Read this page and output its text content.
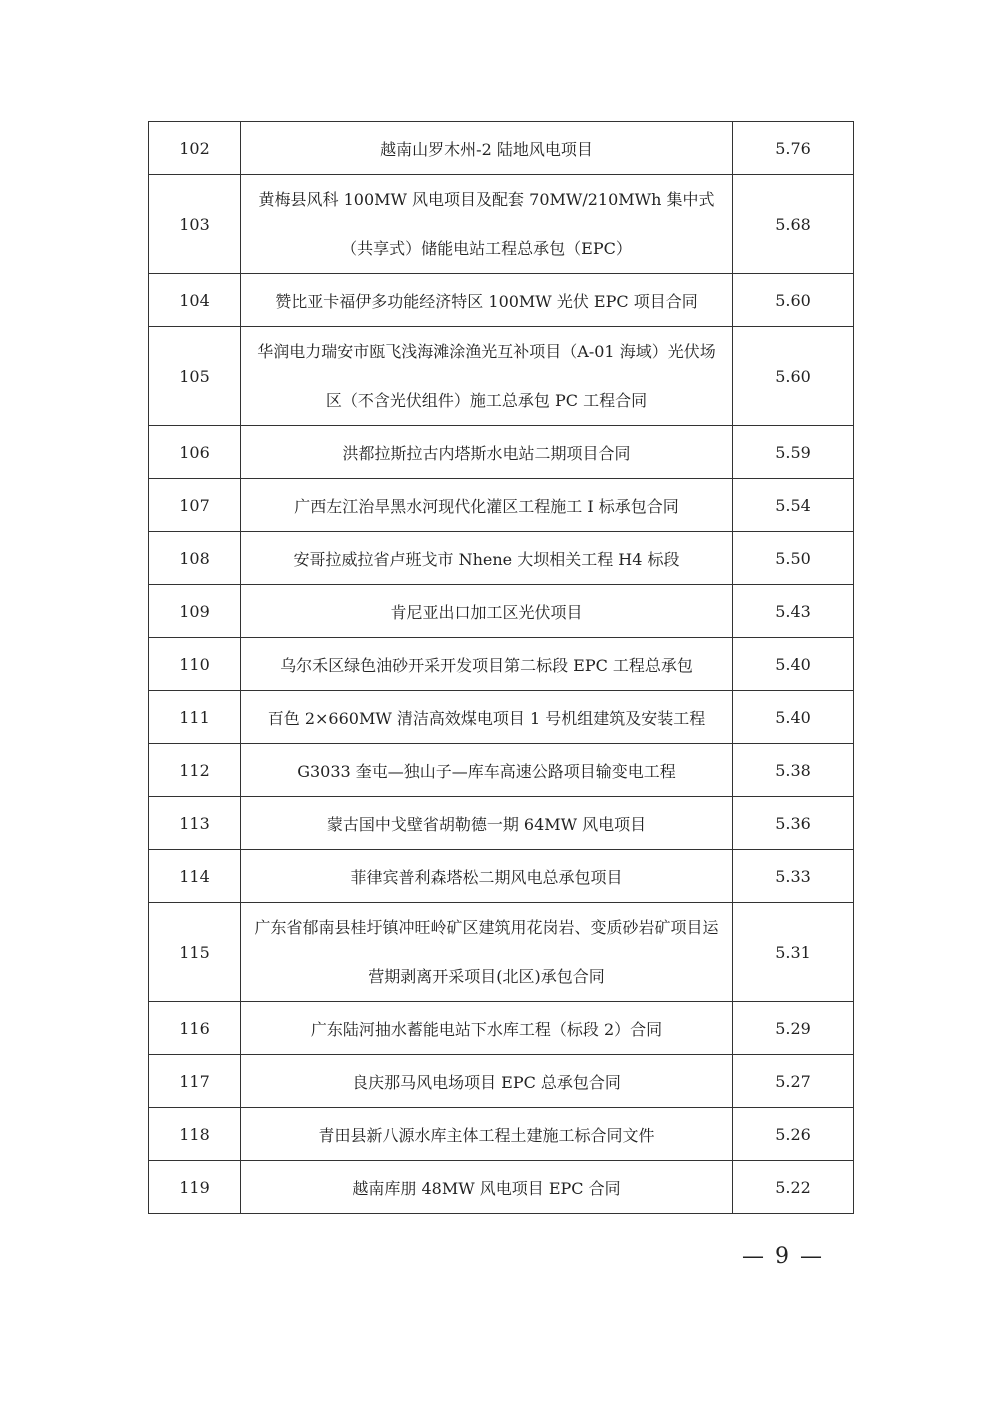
102	越南山罗木州-2 陆地风电项目	5.76
103	黄梅县风科 100MW 风电项目及配套 70MW/210MWh 集中式（共享式）储能电站工程总承包（EPC）	5.68
104	赞比亚卡福伊多功能经济特区 100MW 光伏 EPC 项目合同	5.60
105	华润电力瑞安市瓯飞浅海滩涂渔光互补项目（A-01 海域）光伏场区（不含光伏组件）施工总承包 PC 工程合同	5.60
106	洪都拉斯拉古内塔斯水电站二期项目合同	5.59
107	广西左江治旱黑水河现代化灌区工程施工 I 标承包合同	5.54
108	安哥拉威拉省卢班戈市 Nhene 大坝相关工程 H4 标段	5.50
109	肯尼亚出口加工区光伏项目	5.43
110	乌尔禾区绿色油砂开采开发项目第二标段 EPC 工程总承包	5.40
111	百色 2×660MW 清洁高效煤电项目 1 号机组建筑及安装工程	5.40
112	G3033 奎屯—独山子—库车高速公路项目输变电工程	5.38
113	蒙古国中戈壁省胡勒德一期 64MW 风电项目	5.36
114	菲律宾普利森塔松二期风电总承包项目	5.33
115	广东省郁南县桂圩镇冲旺岭矿区建筑用花岗岩、变质砂岩矿项目运营期剥离开采项目(北区)承包合同	5.31
116	广东陆河抽水蓄能电站下水库工程（标段 2）合同	5.29
117	良庆那马风电场项目 EPC 总承包合同	5.27
118	青田县新八源水库主体工程土建施工标合同文件	5.26
119	越南库朋 48MW 风电项目 EPC 合同	5.22
— 9 —
